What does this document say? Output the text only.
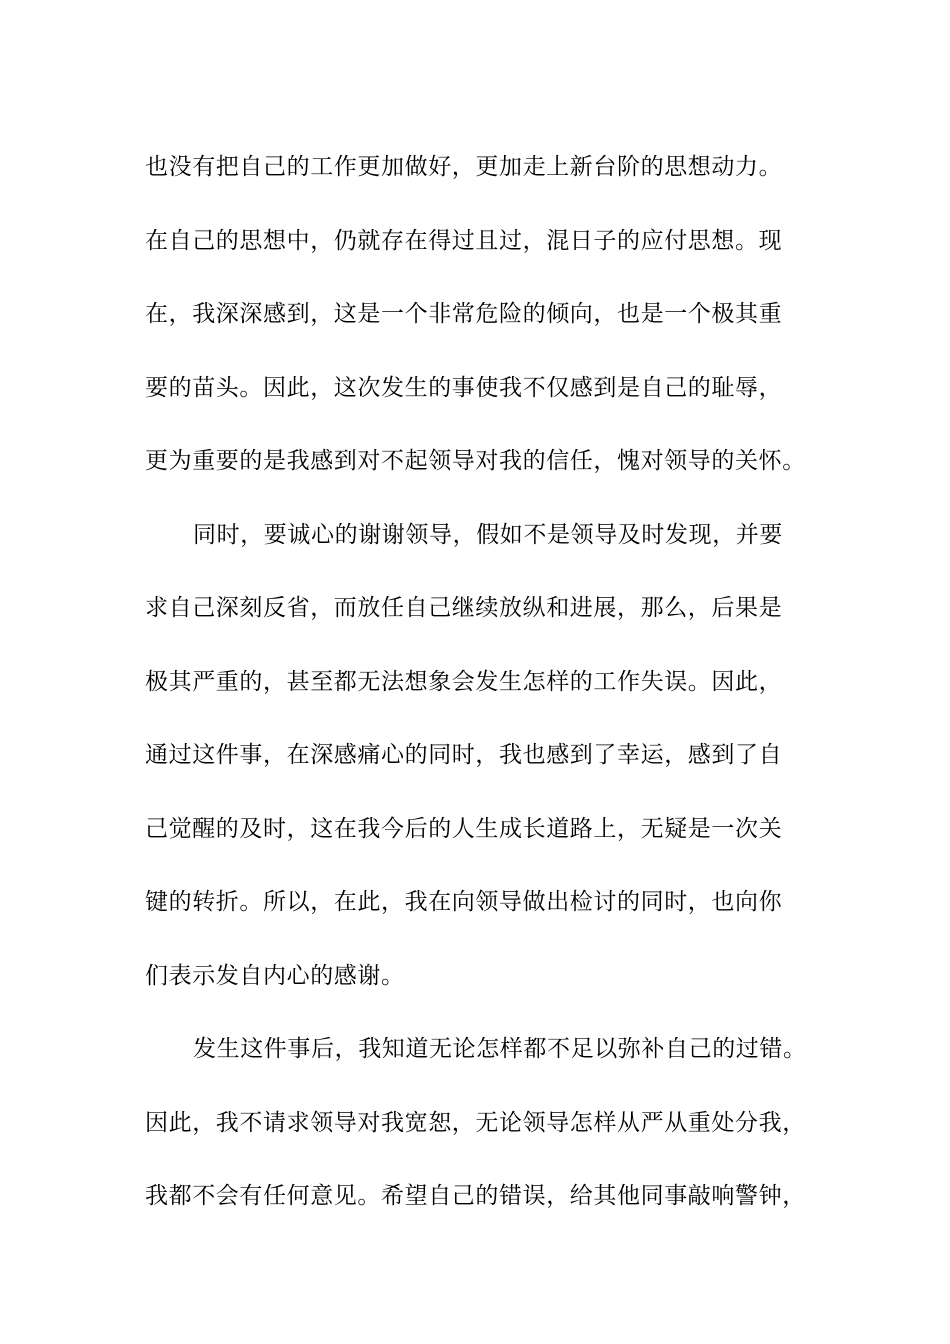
也没有把自己的工作更加做好，更加走上新台阶的思想动力。
在自己的思想中，仍就存在得过且过，混日子的应付思想。现
在，我深深感到，这是一个非常危险的倾向，也是一个极其重
要的苗头。因此，这次发生的事使我不仅感到是自己的耻辱，
更为重要的是我感到对不起领导对我的信任，愧对领导的关怀。
同时，要诚心的谢谢领导，假如不是领导及时发现，并要
求自己深刻反省，而放任自己继续放纵和进展，那么，后果是
极其严重的，甚至都无法想象会发生怎样的工作失误。因此，
通过这件事，在深感痛心的同时，我也感到了幸运，感到了自
己觉醒的及时，这在我今后的人生成长道路上，无疑是一次关
键的转折。所以，在此，我在向领导做出检讨的同时，也向你
们表示发自内心的感谢。
发生这件事后，我知道无论怎样都不足以弥补自己的过错。
因此，我不请求领导对我宽恕，无论领导怎样从严从重处分我，
我都不会有任何意见。希望自己的错误，给其他同事敲响警钟，
